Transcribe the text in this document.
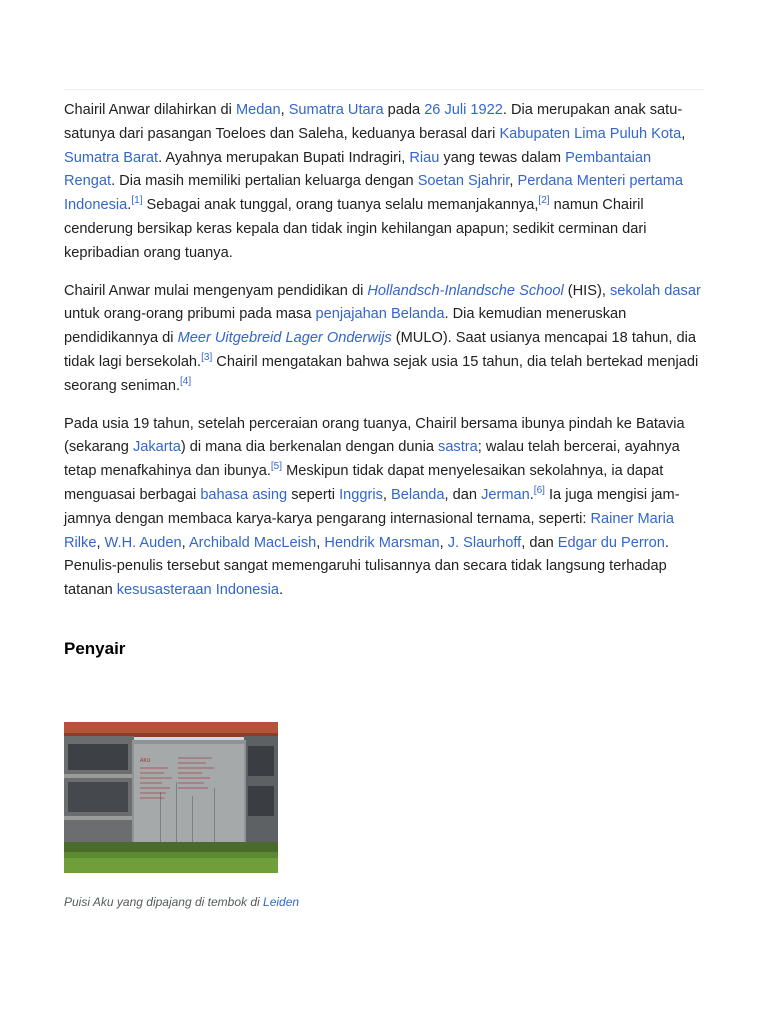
Chairil Anwar dilahirkan di Medan, Sumatra Utara pada 26 Juli 1922. Dia merupakan anak satu-satunya dari pasangan Toeloes dan Saleha, keduanya berasal dari Kabupaten Lima Puluh Kota, Sumatra Barat. Ayahnya merupakan Bupati Indragiri, Riau yang tewas dalam Pembantaian Rengat. Dia masih memiliki pertalian keluarga dengan Soetan Sjahrir, Perdana Menteri pertama Indonesia.[1] Sebagai anak tunggal, orang tuanya selalu memanjakannya,[2] namun Chairil cenderung bersikap keras kepala dan tidak ingin kehilangan apapun; sedikit cerminan dari kepribadian orang tuanya.

Chairil Anwar mulai mengenyam pendidikan di Hollandsch-Inlandsche School (HIS), sekolah dasar untuk orang-orang pribumi pada masa penjajahan Belanda. Dia kemudian meneruskan pendidikannya di Meer Uitgebreid Lager Onderwijs (MULO). Saat usianya mencapai 18 tahun, dia tidak lagi bersekolah.[3] Chairil mengatakan bahwa sejak usia 15 tahun, dia telah bertekad menjadi seorang seniman.[4]

Pada usia 19 tahun, setelah perceraian orang tuanya, Chairil bersama ibunya pindah ke Batavia (sekarang Jakarta) di mana dia berkenalan dengan dunia sastra; walau telah bercerai, ayahnya tetap menafkahinya dan ibunya.[5] Meskipun tidak dapat menyelesaikan sekolahnya, ia dapat menguasai berbagai bahasa asing seperti Inggris, Belanda, dan Jerman.[6] Ia juga mengisi jam-jamnya dengan membaca karya-karya pengarang internasional ternama, seperti: Rainer Maria Rilke, W.H. Auden, Archibald MacLeish, Hendrik Marsman, J. Slaurhoff, dan Edgar du Perron. Penulis-penulis tersebut sangat memengaruhi tulisannya dan secara tidak langsung terhadap tatanan kesusasteraan Indonesia.

Penyair
AKU
Puisi Aku yang dipajang di tembok di Leiden
